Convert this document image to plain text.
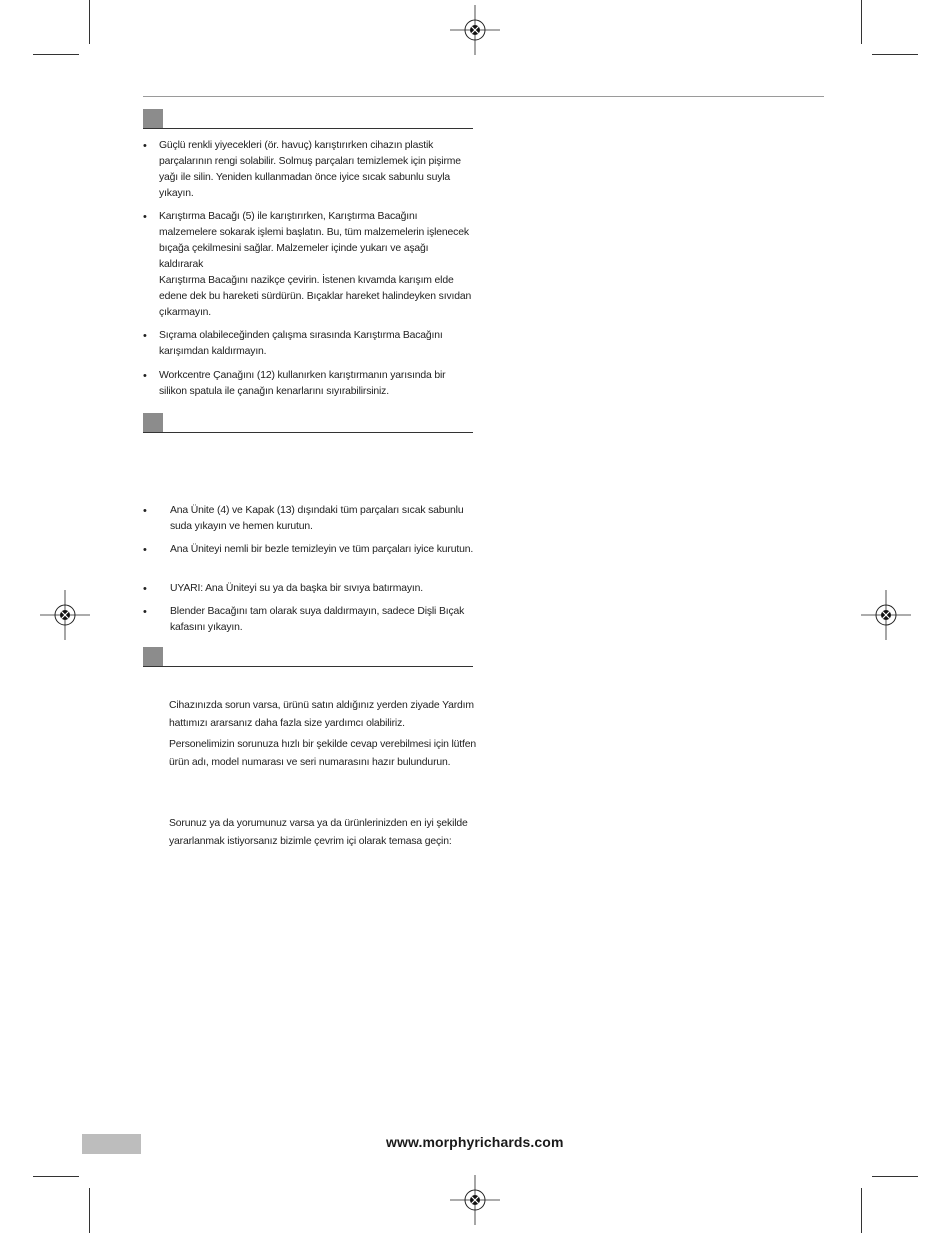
• Güçlü renkli yiyecekleri (ör. havuç) karıştırırken cihazın plastik parçalarının rengi solabilir. Solmuş parçaları temizlemek için pişirme yağı ile silin. Yeniden kullanmadan önce iyice sıcak sabunlu suyla yıkayın.
• Karıştırma Bacağı (5) ile karıştırırken, Karıştırma Bacağını malzemelere sokarak işlemi başlatın. Bu, tüm malzemelerin işlenecek bıçağa çekilmesini sağlar. Malzemeler içinde yukarı ve aşağı kaldırarak
Karıştırma Bacağını nazikçe çevirin. İstenen kıvamda karışım elde edene dek bu hareketi sürdürün. Bıçaklar hareket halindeyken sıvıdan çıkarmayın.
• Sıçrama olabileceğinden çalışma sırasında Karıştırma Bacağını karışımdan kaldırmayın.
• Workcentre Çanağını (12) kullanırken karıştırmanın yarısında bir silikon spatula ile çanağın kenarlarını sıyırabilirsiniz.
• Ana Ünite (4) ve Kapak (13) dışındaki tüm parçaları sıcak sabunlu suda yıkayın ve hemen kurutun.
• Ana Üniteyi nemli bir bezle temizleyin ve tüm parçaları iyice kurutun.
• UYARI: Ana Üniteyi su ya da başka bir sıvıya batırmayın.
• Blender Bacağını tam olarak suya daldırmayın, sadece Dişli Bıçak kafasını yıkayın.
Cihazınızda sorun varsa, ürünü satın aldığınız yerden ziyade Yardım hattımızı ararsanız daha fazla size yardımcı olabiliriz.
Personelimizin sorunuza hızlı bir şekilde cevap verebilmesi için lütfen ürün adı, model numarası ve seri numarasını hazır bulundurun.
Sorunuz ya da yorumunuz varsa ya da ürünlerinizden en iyi şekilde yararlanmak istiyorsanız bizimle çevrim içi olarak temasa geçin:
www.morphyrichards.com
